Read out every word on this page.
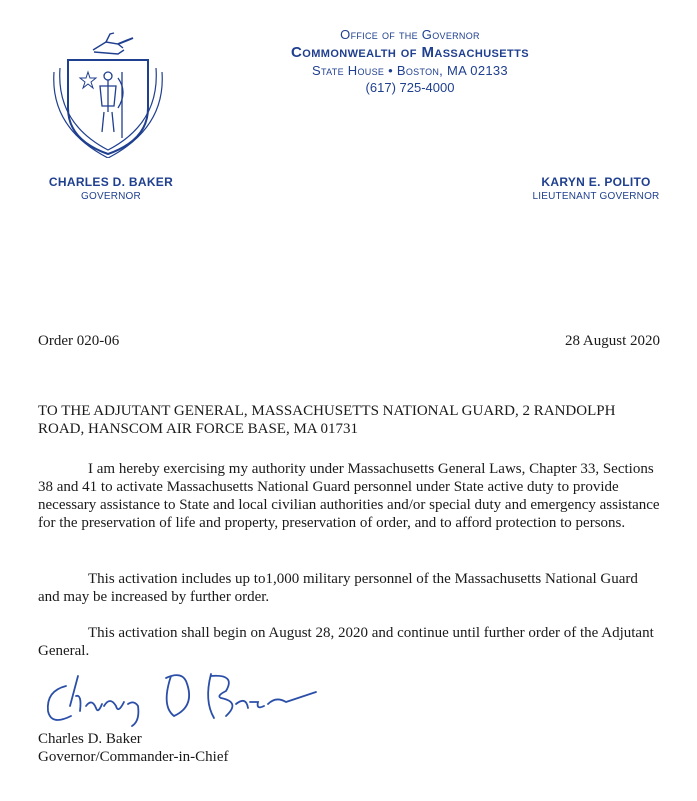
Office of the Governor
Commonwealth of Massachusetts
State House • Boston, MA 02133
(617) 725-4000
CHARLES D. BAKER
GOVERNOR
KARYN E. POLITO
LIEUTENANT GOVERNOR
Order 020-06	28 August 2020
TO THE ADJUTANT GENERAL, MASSACHUSETTS NATIONAL GUARD, 2 RANDOLPH ROAD, HANSCOM AIR FORCE BASE, MA 01731
I am hereby exercising my authority under Massachusetts General Laws, Chapter 33, Sections 38 and 41 to activate Massachusetts National Guard personnel under State active duty to provide necessary assistance to State and local civilian authorities and/or special duty and emergency assistance for the preservation of life and property, preservation of order, and to afford protection to persons.
This activation includes up to1,000 military personnel of the Massachusetts National Guard and may be increased by further order.
This activation shall begin on August 28, 2020 and continue until further order of the Adjutant General.
Charles D. Baker
Governor/Commander-in-Chief
